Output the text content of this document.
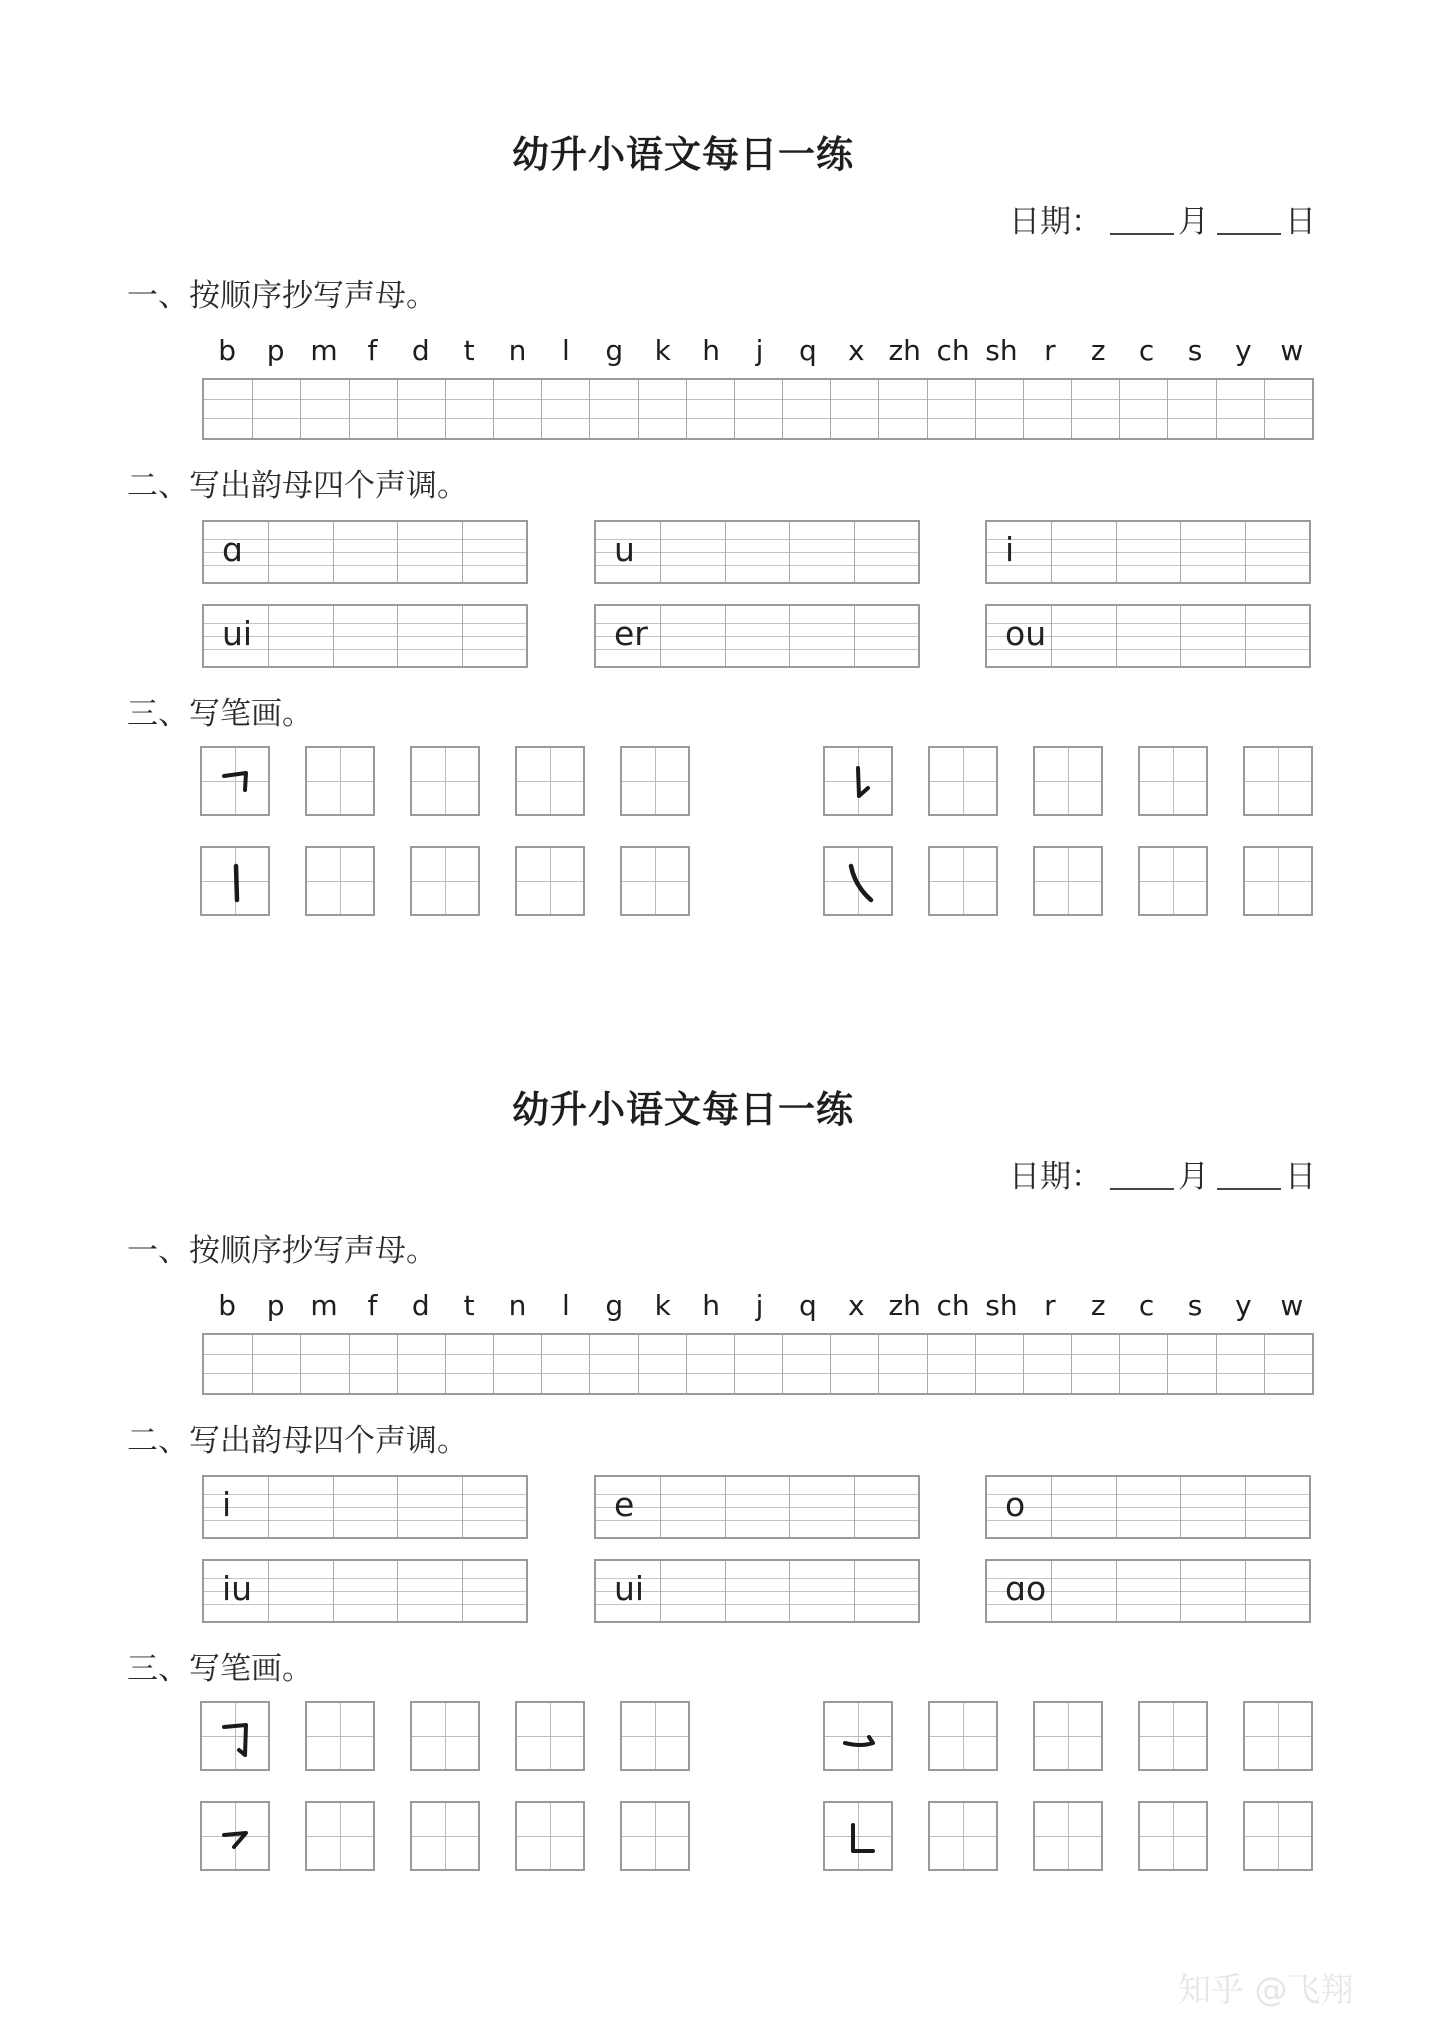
幼升小语文每日一练
日期： 月 日
一、按顺序抄写声母。
b	p m	f	d	t	n	l	g	k	h	j	q	x zh ch sh r	z	c	s	y	w
二、写出韵母四个声调。
ɑ	u	i
ui	er	ou
三、写笔画。
幼升小语文每日一练
日期： 月 日
一、按顺序抄写声母。
b	p m	f	d	t	n	l	g	k	h	j	q	x zh ch sh r	z	c	s	y	w
二、写出韵母四个声调。
i	e	o
iu	ui	ɑo
三、写笔画。
知乎 @飞翔
